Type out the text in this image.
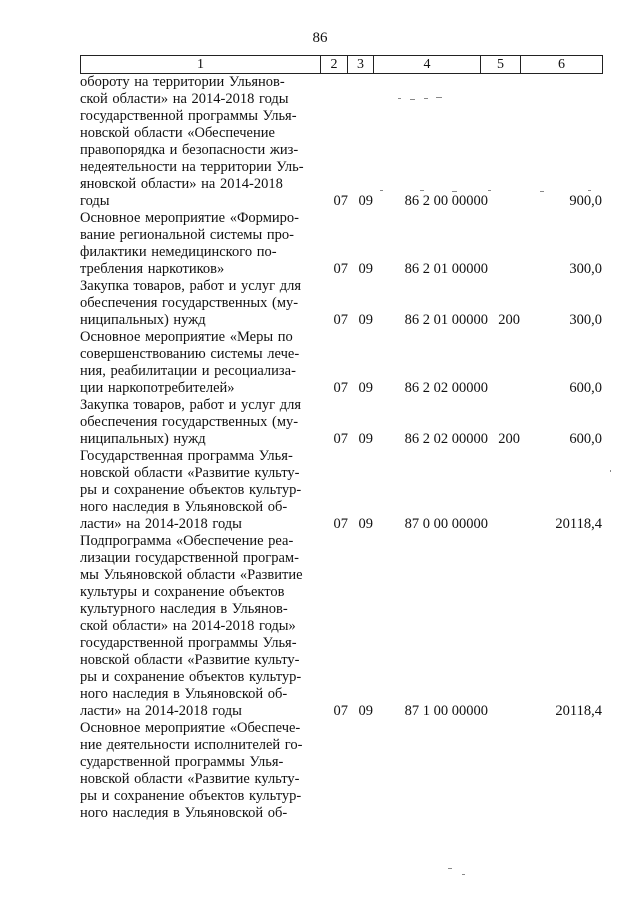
86
1	2	3	4	5	6
обороту на территории Ульянов-
ской области» на 2014-2018 годы
государственной программы Улья-
новской области «Обеспечение
правопорядка и безопасности жиз-
недеятельности на территории Уль-
яновской области» на 2014-2018
годы	07 09	86 2 00 00000	900,0
Основное мероприятие «Формиро-
вание региональной системы про-
филактики немедицинского по-
требления наркотиков»	07 09	86 2 01 00000	300,0
Закупка товаров, работ и услуг для
обеспечения государственных (му-
ниципальных) нужд	07 09	86 2 01 00000 200	300,0
Основное мероприятие «Меры по
совершенствованию системы лече-
ния, реабилитации и ресоциализа-
ции наркопотребителей»	07 09	86 2 02 00000	600,0
Закупка товаров, работ и услуг для
обеспечения государственных (му-
ниципальных) нужд	07 09	86 2 02 00000 200	600,0
Государственная программа Улья-
новской области «Развитие культу-
ры и сохранение объектов культур-
ного наследия в Ульяновской об-
ласти» на 2014-2018 годы	07 09	87 0 00 00000	20118,4
Подпрограмма «Обеспечение реа-
лизации государственной програм-
мы Ульяновской области «Развитие
культуры и сохранение объектов
культурного наследия в Ульянов-
ской области» на 2014-2018 годы»
государственной программы Улья-
новской области «Развитие культу-
ры и сохранение объектов культур-
ного наследия в Ульяновской об-
ласти» на 2014-2018 годы	07 09	87 1 00 00000	20118,4
Основное мероприятие «Обеспече-
ние деятельности исполнителей го-
сударственной программы Улья-
новской области «Развитие культу-
ры и сохранение объектов культур-
ного наследия в Ульяновской об-
